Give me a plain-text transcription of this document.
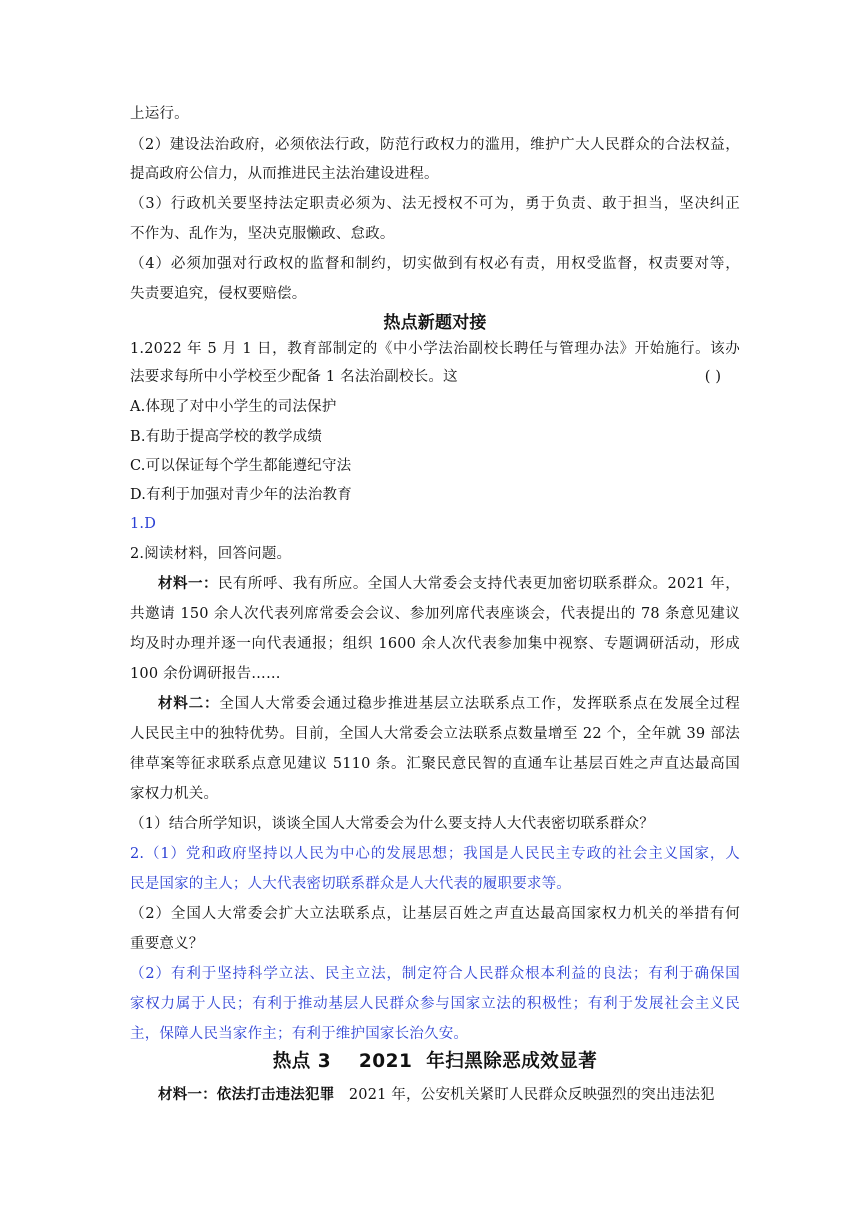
上运行。
（2）建设法治政府，必须依法行政，防范行政权力的滥用，维护广大人民群众的合法权益，
提高政府公信力，从而推进民主法治建设进程。
（3）行政机关要坚持法定职责必须为、法无授权不可为，勇于负责、敢于担当，坚决纠正
不作为、乱作为，坚决克服懒政、怠政。
（4）必须加强对行政权的监督和制约，切实做到有权必有责，用权受监督，权责要对等，
失责要追究，侵权要赔偿。
热点新题对接
1.2022 年 5 月 1 日，教育部制定的《中小学法治副校长聘任与管理办法》开始施行。该办
法要求每所中小学校至少配备 1 名法治副校长。这	( )
A.体现了对中小学生的司法保护
B.有助于提高学校的教学成绩
C.可以保证每个学生都能遵纪守法
D.有利于加强对青少年的法治教育
1.D
2.阅读材料，回答问题。
材料一：民有所呼、我有所应。全国人大常委会支持代表更加密切联系群众。2021 年，
共邀请 150 余人次代表列席常委会会议、参加列席代表座谈会，代表提出的 78 条意见建议
均及时办理并逐一向代表通报；组织 1600 余人次代表参加集中视察、专题调研活动，形成
100 余份调研报告……
材料二：全国人大常委会通过稳步推进基层立法联系点工作，发挥联系点在发展全过程
人民民主中的独特优势。目前，全国人大常委会立法联系点数量增至 22 个，全年就 39 部法
律草案等征求联系点意见建议 5110 条。汇聚民意民智的直通车让基层百姓之声直达最高国
家权力机关。
（1）结合所学知识，谈谈全国人大常委会为什么要支持人大代表密切联系群众？
2.（1）党和政府坚持以人民为中心的发展思想；我国是人民民主专政的社会主义国家，人
民是国家的主人；人大代表密切联系群众是人大代表的履职要求等。
（2）全国人大常委会扩大立法联系点，让基层百姓之声直达最高国家权力机关的举措有何
重要意义？
（2）有利于坚持科学立法、民主立法，制定符合人民群众根本利益的良法；有利于确保国
家权力属于人民；有利于推动基层人民群众参与国家立法的积极性；有利于发展社会主义民
主，保障人民当家作主；有利于维护国家长治久安。
热点 3    2021  年扫黑除恶成效显著
材料一：依法打击违法犯罪 2021 年，公安机关紧盯人民群众反映强烈的突出违法犯
